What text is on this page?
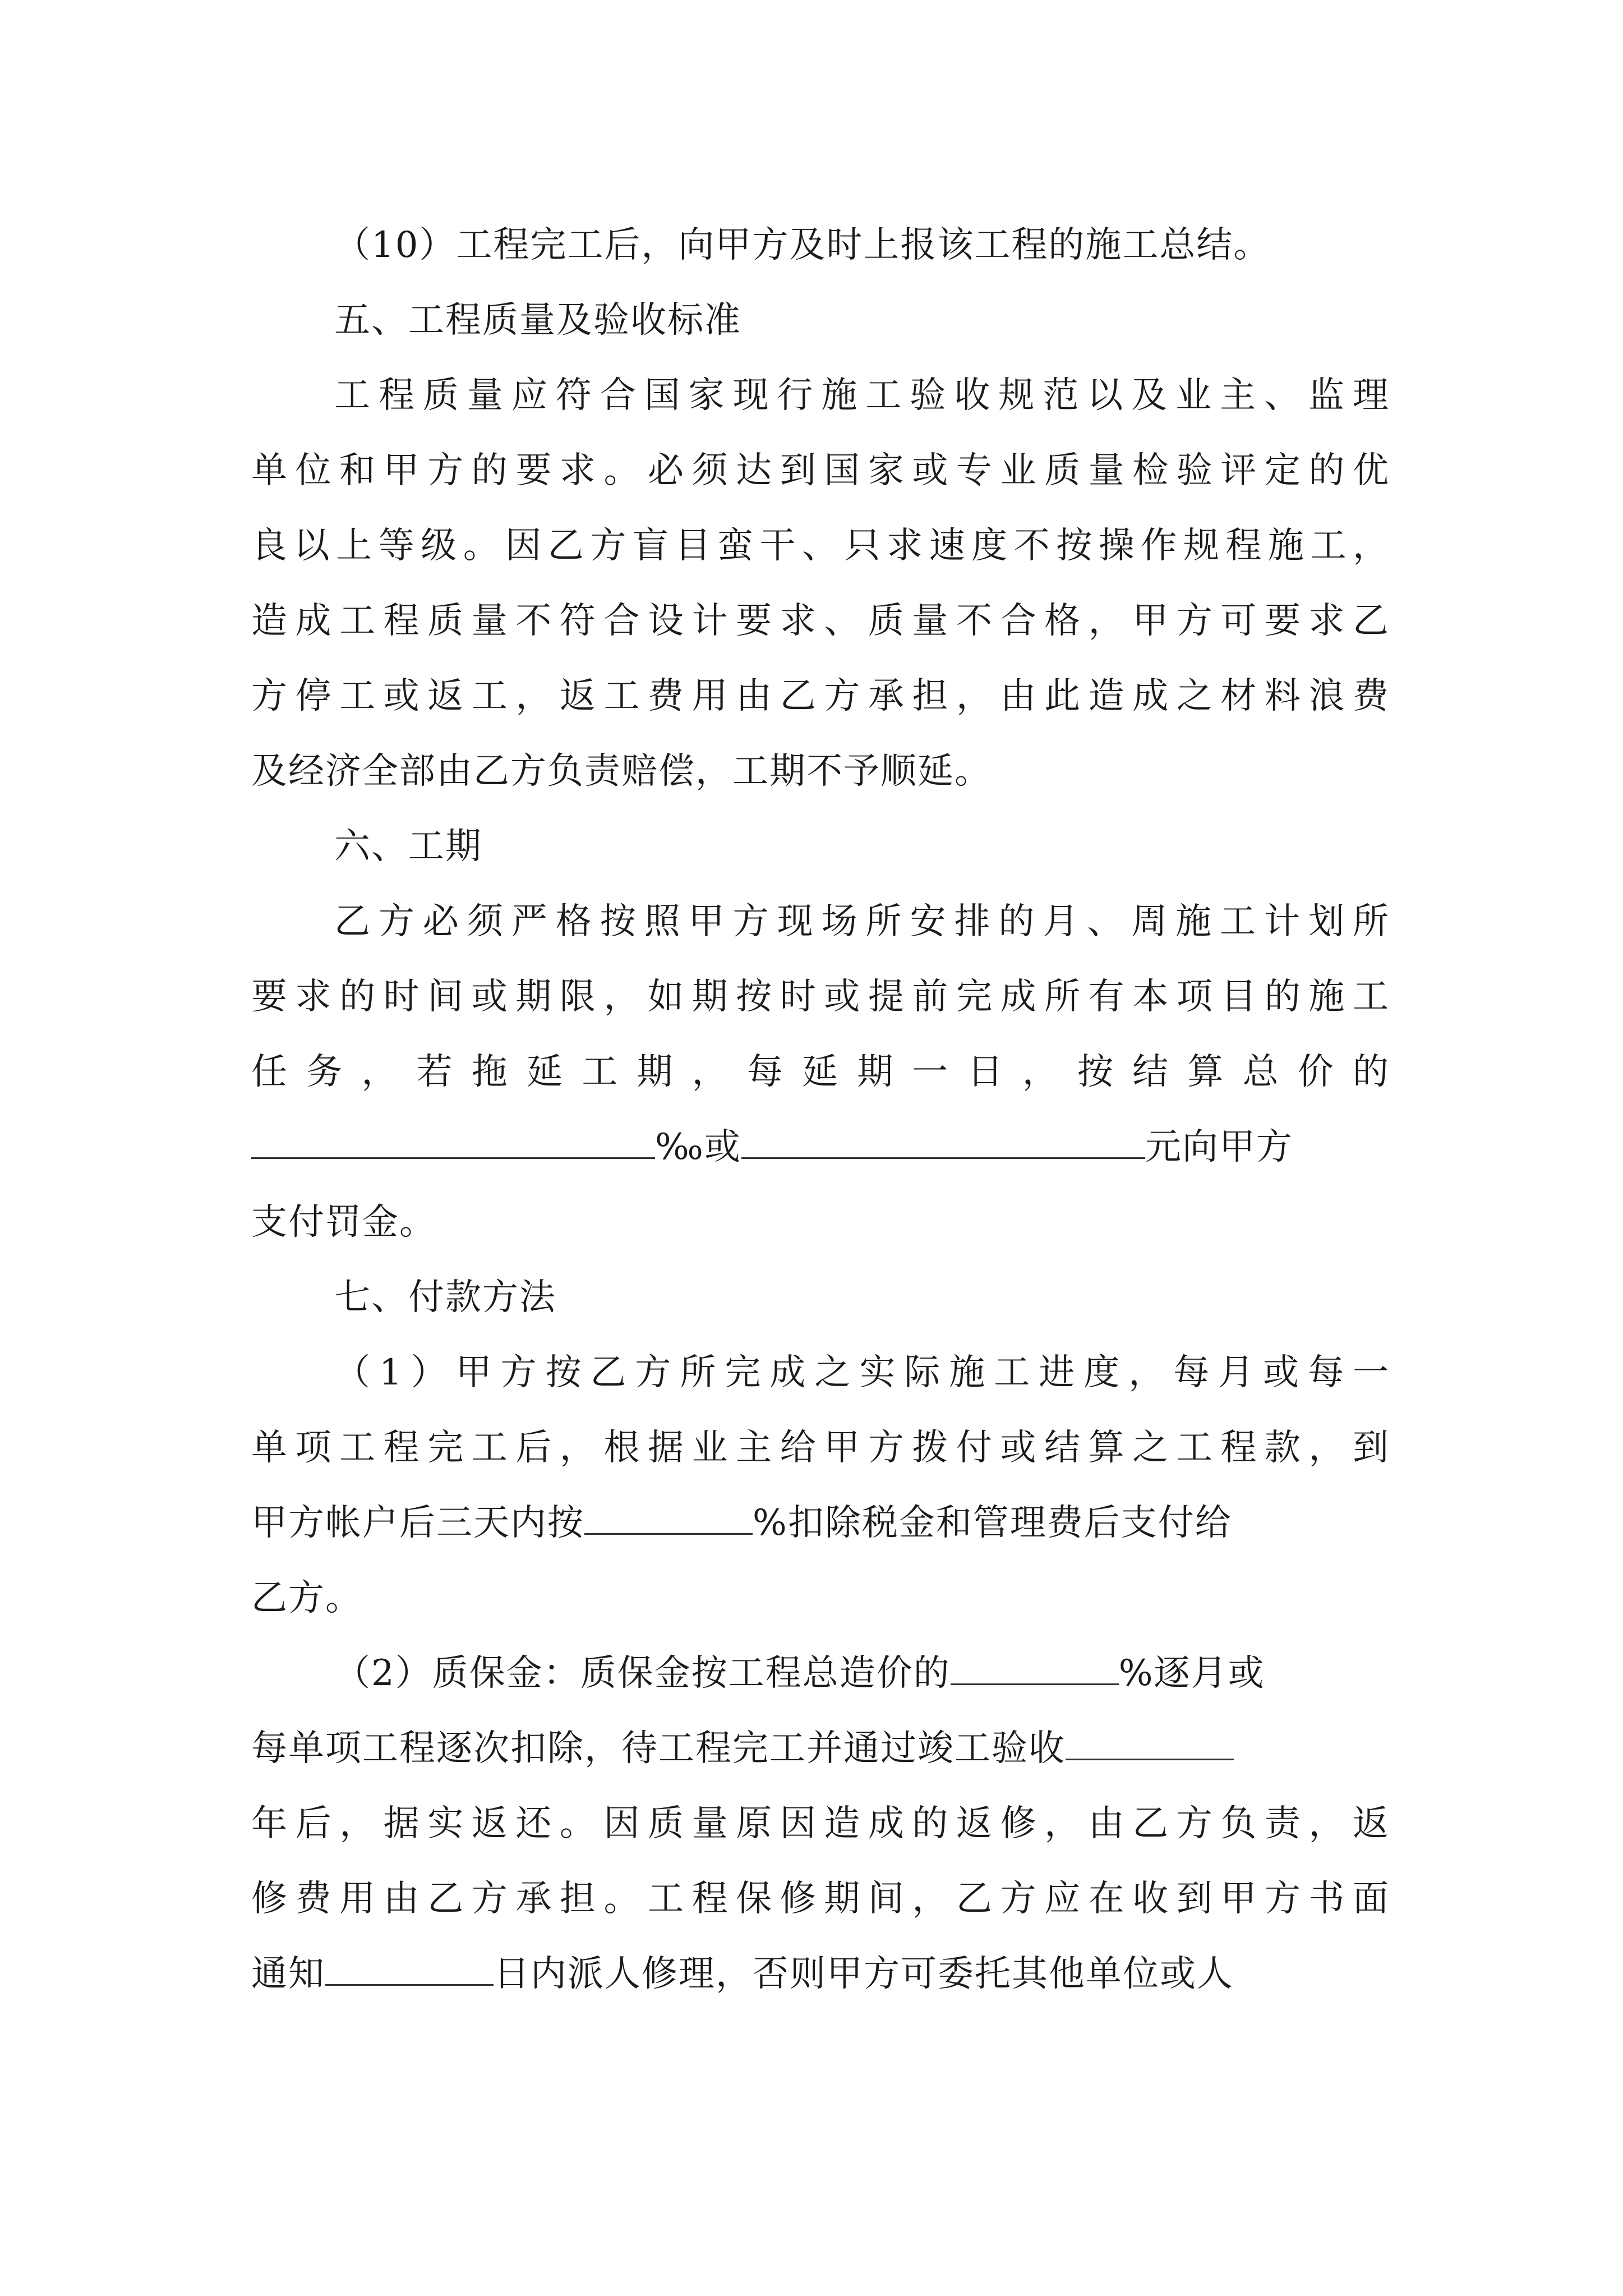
（10）工程完工后，向甲方及时上报该工程的施工总结。
五、工程质量及验收标准
工程质量应符合国家现行施工验收规范以及业主、监理
单位和甲方的要求。必须达到国家或专业质量检验评定的优
良以上等级。因乙方盲目蛮干、只求速度不按操作规程施工，
造成工程质量不符合设计要求、质量不合格，甲方可要求乙
方停工或返工，返工费用由乙方承担，由此造成之材料浪费
及经济全部由乙方负责赔偿，工期不予顺延。
六、工期
乙方必须严格按照甲方现场所安排的月、周施工计划所
要求的时间或期限，如期按时或提前完成所有本项目的施工
任务，若拖延工期，每延期一日，按结算总价的
‰或	元向甲方
支付罚金。
七、付款方法
（1）甲方按乙方所完成之实际施工进度，每月或每一
单项工程完工后，根据业主给甲方拨付或结算之工程款，到
甲方帐户后三天内按	%扣除税金和管理费后支付给
乙方。
（2）质保金：质保金按工程总造价的	%逐月或
每单项工程逐次扣除，待工程完工并通过竣工验收
年后，据实返还。因质量原因造成的返修，由乙方负责，返
修费用由乙方承担。工程保修期间，乙方应在收到甲方书面
通知	日内派人修理，否则甲方可委托其他单位或人
